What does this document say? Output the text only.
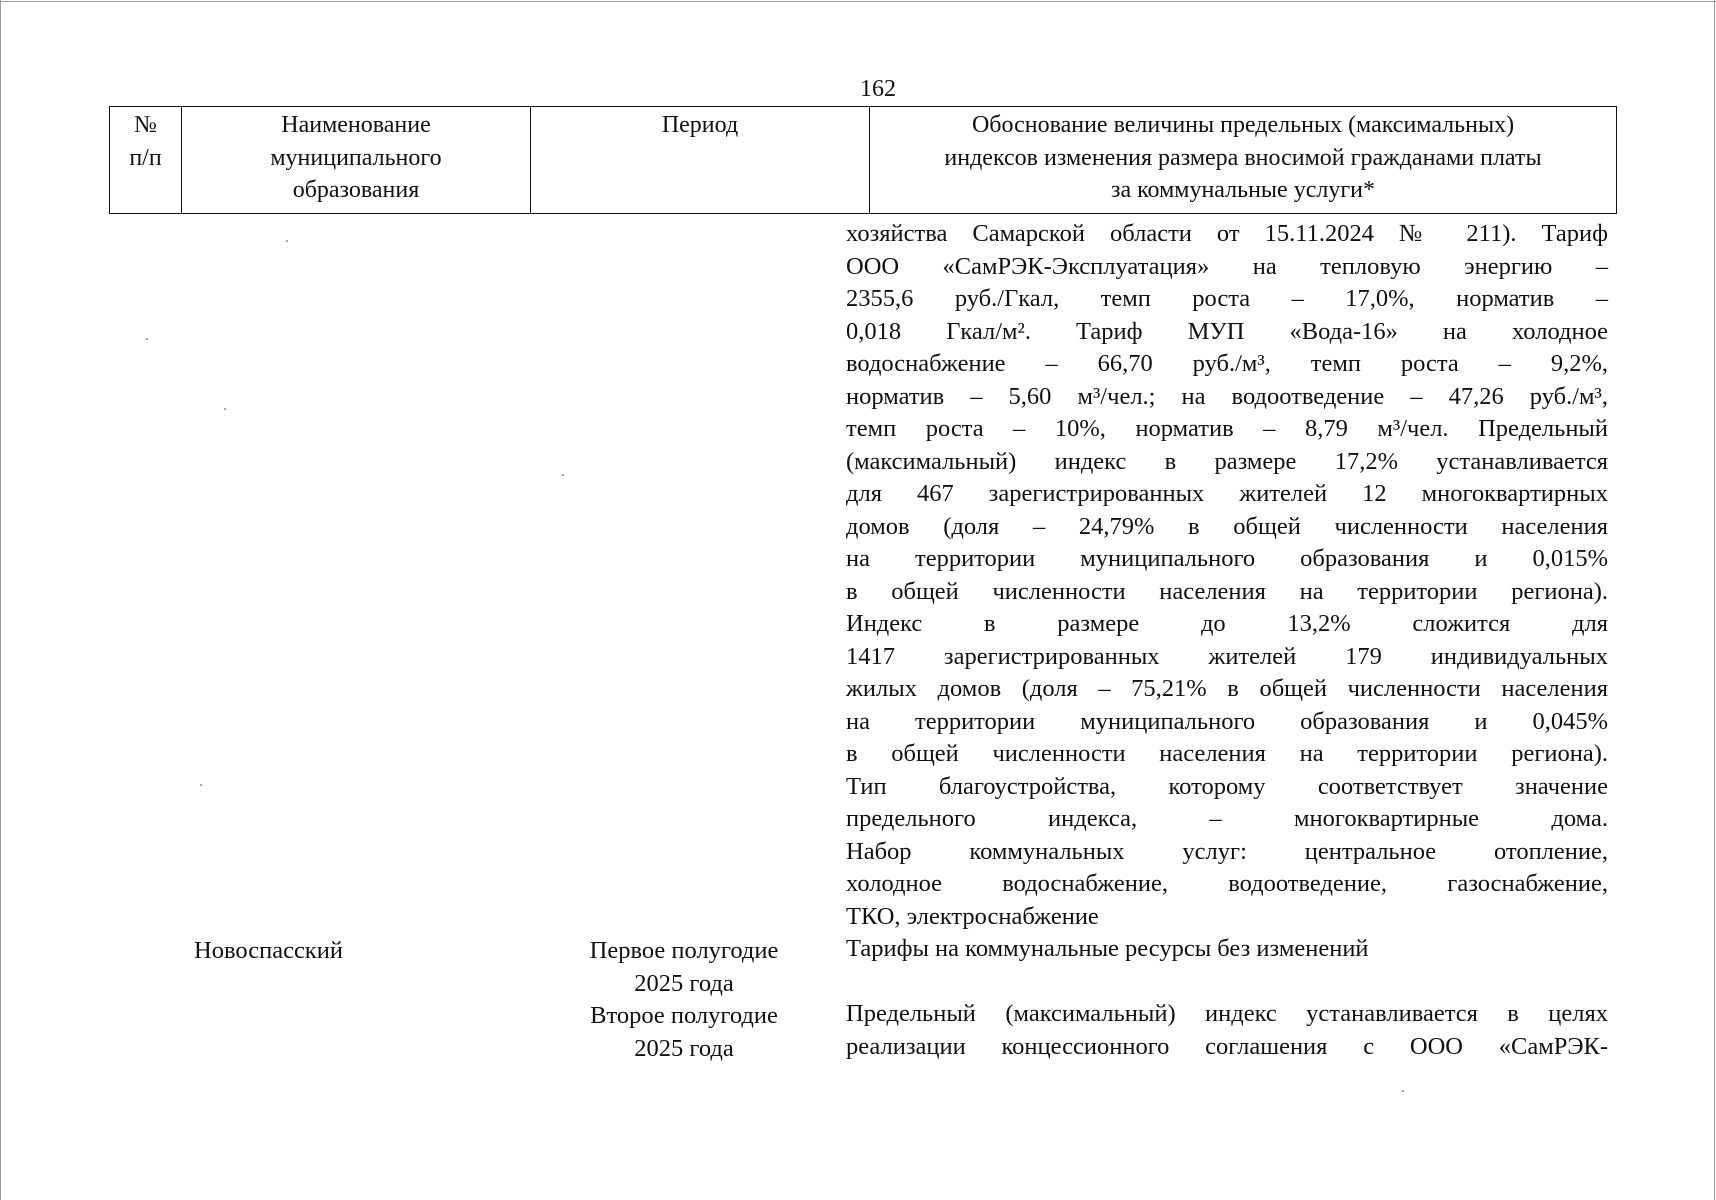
162
№
п/п
Наименование
муниципального
образования
Период	Обоснование величины предельных (максимальных)
индексов изменения размера вносимой гражданами платы
за коммунальные услуги*
хозяйства Самарской области от 15.11.2024 № 211). Тариф
ООО «СамРЭК-Эксплуатация» на тепловую энергию –
2355,6 руб./Гкал, темп роста – 17,0%, норматив –
0,018 Гкал/м². Тариф МУП «Вода-16» на холодное
водоснабжение – 66,70 руб./м³, темп роста – 9,2%,
норматив – 5,60 м³/чел.; на водоотведение – 47,26 руб./м³,
темп роста – 10%, норматив – 8,79 м³/чел. Предельный
(максимальный) индекс в размере 17,2% устанавливается
для 467 зарегистрированных жителей 12 многоквартирных
домов (доля – 24,79% в общей численности населения
на территории муниципального образования и 0,015%
в общей численности населения на территории региона).
Индекс в размере до 13,2% сложится для
1417 зарегистрированных жителей 179 индивидуальных
жилых домов (доля – 75,21% в общей численности населения
на территории муниципального образования и 0,045%
в общей численности населения на территории региона).
Тип благоустройства, которому соответствует значение
предельного индекса, – многоквартирные дома.
Набор коммунальных услуг: центральное отопление,
холодное водоснабжение, водоотведение, газоснабжение,
ТКО, электроснабжение
Тарифы на коммунальные ресурсы без изменений
Предельный (максимальный) индекс устанавливается в целях
реализации концессионного соглашения с ООО «СамРЭК-
Новоспасский	Первое полугодие
2025 года
Второе полугодие
2025 года
